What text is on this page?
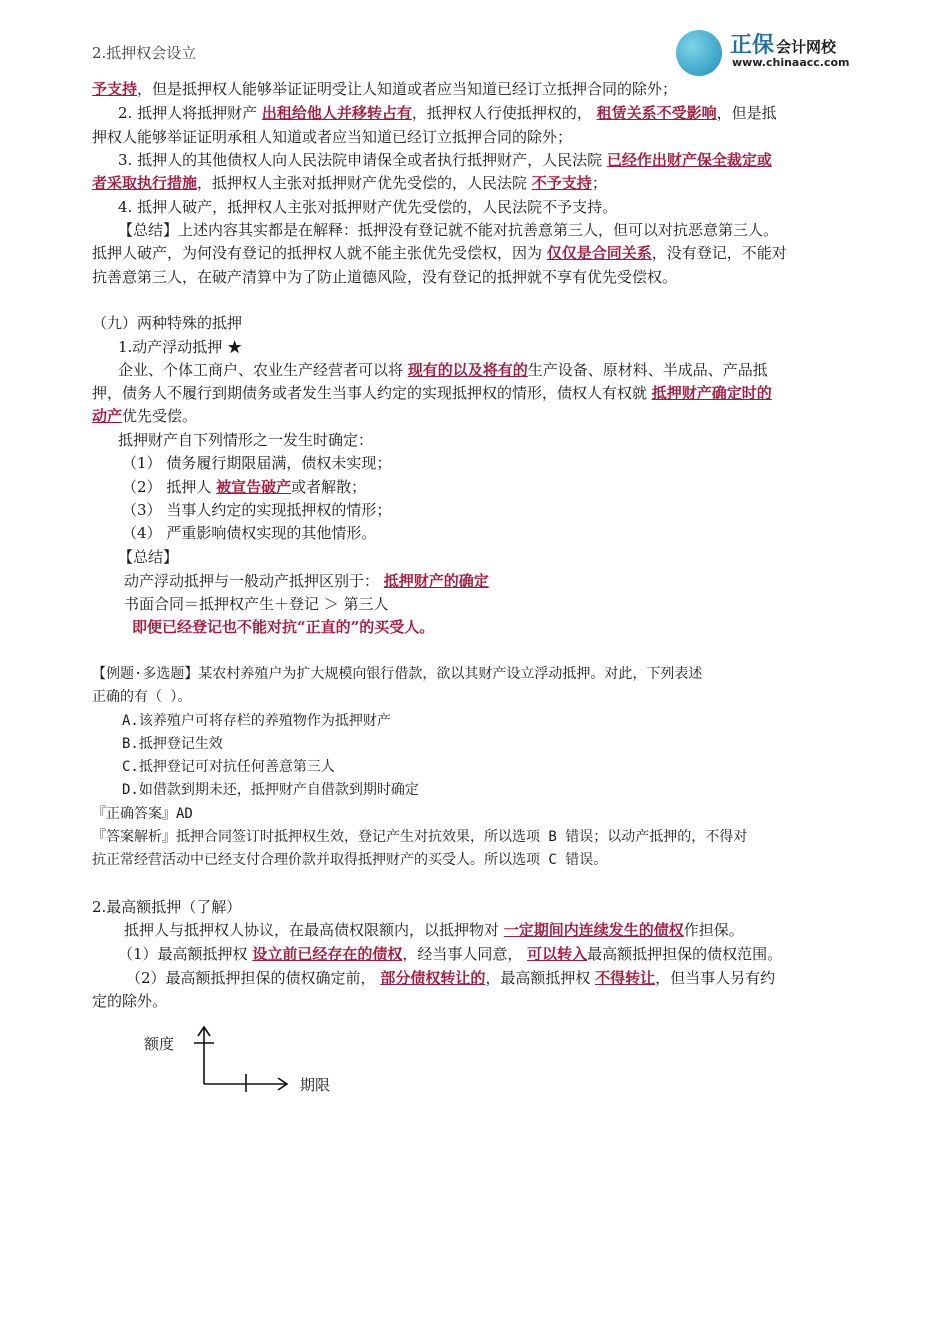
正保 会计网校
www.chinaacc.com
2.抵押权会设立
予支持，但是抵押权人能够举证证明受让人知道或者应当知道已经订立抵押合同的除外；
2. 抵押人将抵押财产 出租给他人并移转占有，抵押权人行使抵押权的， 租赁关系不受影响，但是抵
押权人能够举证证明承租人知道或者应当知道已经订立抵押合同的除外；
3. 抵押人的其他债权人向人民法院申请保全或者执行抵押财产，人民法院 已经作出财产保全裁定或
者采取执行措施，抵押权人主张对抵押财产优先受偿的，人民法院 不予支持；
4. 抵押人破产，抵押权人主张对抵押财产优先受偿的，人民法院不予支持。
【总结】上述内容其实都是在解释：抵押没有登记就不能对抗善意第三人，但可以对抗恶意第三人。
抵押人破产，为何没有登记的抵押权人就不能主张优先受偿权，因为 仅仅是合同关系，没有登记，不能对
抗善意第三人，在破产清算中为了防止道德风险，没有登记的抵押就不享有优先受偿权。
（九）两种特殊的抵押
1.动产浮动抵押 ★
企业、个体工商户、农业生产经营者可以将 现有的以及将有的生产设备、原材料、半成品、产品抵
押，债务人不履行到期债务或者发生当事人约定的实现抵押权的情形，债权人有权就 抵押财产确定时的
动产优先受偿。
抵押财产自下列情形之一发生时确定：
（1） 债务履行期限届满，债权未实现；
（2） 抵押人 被宣告破产或者解散；
（3） 当事人约定的实现抵押权的情形；
（4） 严重影响债权实现的其他情形。
【总结】
动产浮动抵押与一般动产抵押区别于： 抵押财产的确定
书面合同＝抵押权产生＋登记 ＞ 第三人
即便已经登记也不能对抗“正直的”的买受人。
【例题·多选题】某农村养殖户为扩大规模向银行借款，欲以其财产设立浮动抵押。对此，下列表述
正确的有（ ）。
A.该养殖户可将存栏的养殖物作为抵押财产
B.抵押登记生效
C.抵押登记可对抗任何善意第三人
D.如借款到期未还，抵押财产自借款到期时确定
『正确答案』AD
『答案解析』抵押合同签订时抵押权生效，登记产生对抗效果，所以选项 B 错误；以动产抵押的，不得对
抗正常经营活动中已经支付合理价款并取得抵押财产的买受人。所以选项 C 错误。
2.最高额抵押（了解）
抵押人与抵押权人协议，在最高债权限额内，以抵押物对 一定期间内连续发生的债权作担保。
（1）最高额抵押权 设立前已经存在的债权，经当事人同意， 可以转入最高额抵押担保的债权范围。
（2）最高额抵押担保的债权确定前， 部分债权转让的，最高额抵押权 不得转让，但当事人另有约
定的除外。
额度
期限
